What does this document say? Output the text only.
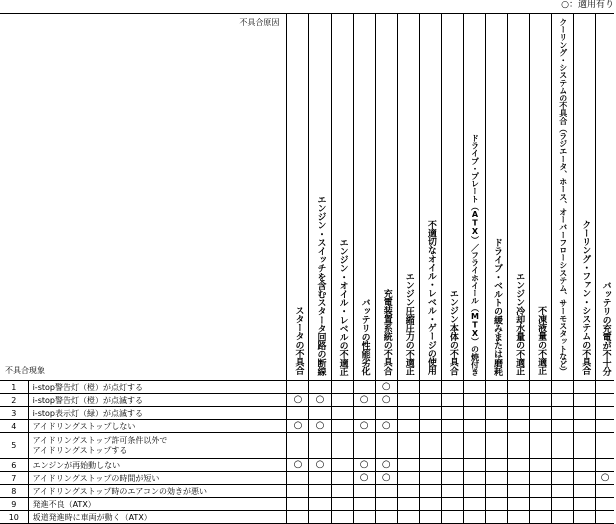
○：適用有り
不具合原因
不具合現象		スタータの不具合	エンジン・スイッチを含むスタータ回路の断線	エンジン・オイル・レベルの不適正	バッテリの性能劣化	充電装置系統の不具合	エンジン圧縮圧力の不適正	不適切なオイル・レベル・ゲージの使用	エンジン本体の不具合	ドライブ・プレート（ATX）／フライホイール（MTX）の焼付き	ドライブ・ベルトの緩みまたは磨耗	エンジン冷却水量の不適正	不凍液量の不適正	クーリング・システムの不具合（ラジエータ、ホース、オーバーフローシステム、サーモスタットなど）	クーリング・ファン・システムの不具合	バッテリの充電が不十分

1	i-stop警告灯（橙）が点灯する					○										
2	i-stop警告灯（橙）が点滅する	○	○		○	○										
3	i-stop表示灯（緑）が点滅する															
4	アイドリングストップしない	○	○		○	○										
5	アイドリングストップ許可条件以外で
アイドリングストップする															
6	エンジンが再始動しない	○	○		○	○										
7	アイドリングストップの時間が短い				○	○										○
8	アイドリングストップ時のエアコンの効きが悪い															
9	発進不良（ATX）															
10	坂道発進時に車両が動く（ATX）															
